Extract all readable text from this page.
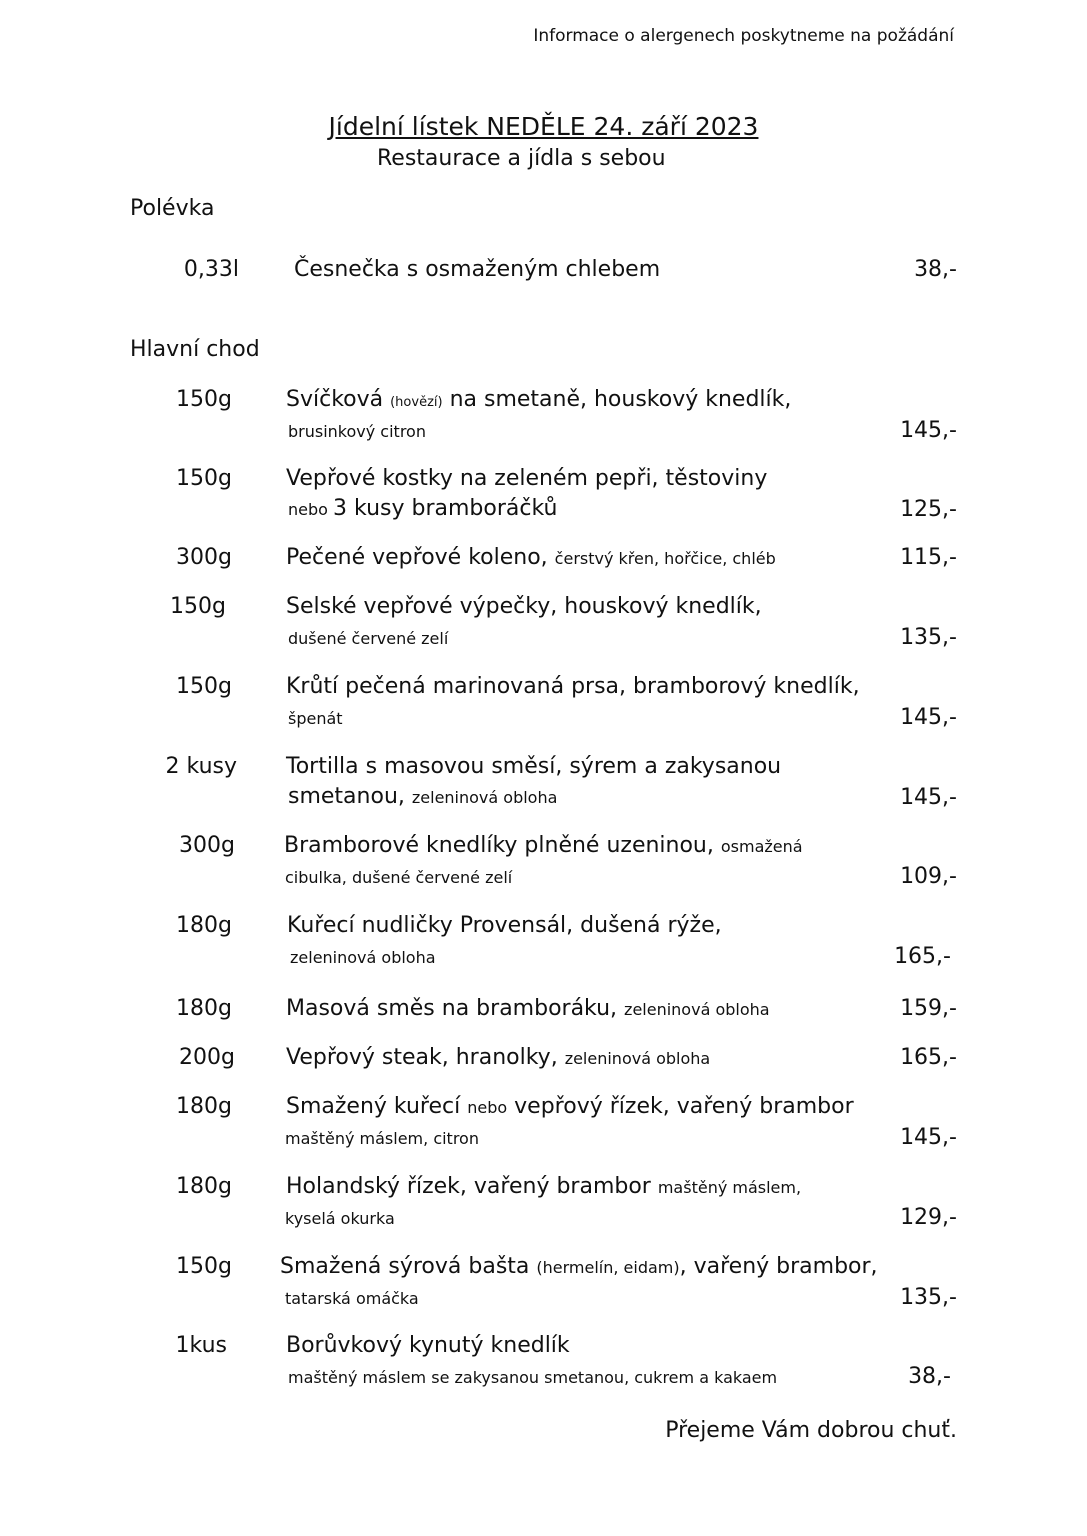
Informace o alergenech poskytneme na požádání
Jídelní lístek NEDĚLE 24. září 2023
Restaurace a jídla s sebou
Polévka
0,33l	Česnečka s osmaženým chlebem	38,-
Hlavní chod
150g Svíčková (hovězí) na smetaně, houskový knedlík,
brusinkový citron	145,-
150g Vepřové kostky na zeleném pepři, těstoviny
nebo 3 kusy bramboráčků	125,-
300g Pečené vepřové koleno, čerstvý křen, hořčice, chléb	115,-
150g	Selské vepřové výpečky, houskový knedlík,
dušené červené zelí	135,-
150g Krůtí pečená marinovaná prsa, bramborový knedlík,
špenát	145,-
2 kusy Tortilla s masovou směsí, sýrem a zakysanou
smetanou, zeleninová obloha	145,-
300g Bramborové knedlíky plněné uzeninou, osmažená
cibulka, dušené červené zelí	109,-
180g	Kuřecí nudličky Provensál, dušená rýže,
zeleninová obloha	165,-
180g Masová směs na bramboráku, zeleninová obloha	159,-
200g Vepřový steak, hranolky, zeleninová obloha	165,-
180g Smažený kuřecí nebo vepřový řízek, vařený brambor
maštěný máslem, citron	145,-
180g Holandský řízek, vařený brambor maštěný máslem,
kyselá okurka	129,-
150g Smažená sýrová bašta (hermelín, eidam), vařený brambor,
tatarská omáčka	135,-
1kus	Borůvkový kynutý knedlík
maštěný máslem se zakysanou smetanou, cukrem a kakaem	38,-
Přejeme Vám dobrou chuť.
